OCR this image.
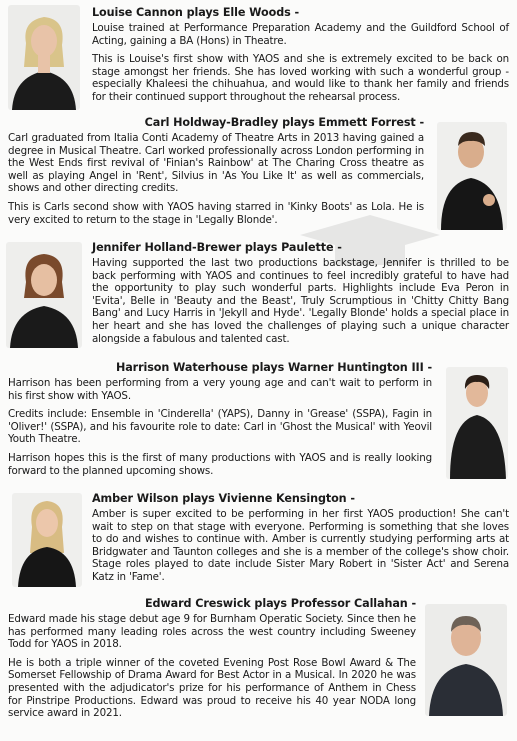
Louise Cannon plays Elle Woods -

Louise trained at Performance Preparation Academy and the Guildford School of Acting, gaining a BA (Hons) in Theatre.

This is Louise's first show with YAOS and she is extremely excited to be back on stage amongst her friends. She has loved working with such a wonderful group - especially Khaleesi the chihuahua, and would like to thank her family and friends for their continued support throughout the rehearsal process.

Carl Holdway-Bradley plays Emmett Forrest -

Carl graduated from Italia Conti Academy of Theatre Arts in 2013 having gained a degree in Musical Theatre. Carl worked professionally across London performing in the West Ends first revival of 'Finian's Rainbow' at The Charing Cross theatre as well as playing Angel in 'Rent', Silvius in 'As You Like It' as well as commercials, shows and other directing credits.

This is Carls second show with YAOS having starred in 'Kinky Boots' as Lola. He is very excited to return to the stage in 'Legally Blonde'.

Jennifer Holland-Brewer plays Paulette -

Having supported the last two productions backstage, Jennifer is thrilled to be back performing with YAOS and continues to feel incredibly grateful to have had the opportunity to play such wonderful parts. Highlights include Eva Peron in 'Evita', Belle in 'Beauty and the Beast', Truly Scrumptious in 'Chitty Chitty Bang Bang' and Lucy Harris in 'Jekyll and Hyde'. 'Legally Blonde' holds a special place in her heart and she has loved the challenges of playing such a unique character alongside a fabulous and talented cast.

Harrison Waterhouse plays Warner Huntington III -

Harrison has been performing from a very young age and can't wait to perform in his first show with YAOS.

Credits include: Ensemble in 'Cinderella' (YAPS), Danny in 'Grease' (SSPA), Fagin in 'Oliver!' (SSPA), and his favourite role to date: Carl in 'Ghost the Musical' with Yeovil Youth Theatre.

Harrison hopes this is the first of many productions with YAOS and is really looking forward to the planned upcoming shows.

Amber Wilson plays Vivienne Kensington -

Amber is super excited to be performing in her first YAOS production! She can't wait to step on that stage with everyone. Performing is something that she loves to do and wishes to continue with. Amber is currently studying performing arts at Bridgwater and Taunton colleges and she is a member of the college's show choir. Stage roles played to date include Sister Mary Robert in 'Sister Act' and Serena Katz in 'Fame'.

Edward Creswick plays Professor Callahan -

Edward made his stage debut age 9 for Burnham Operatic Society. Since then he has performed many leading roles across the west country including Sweeney Todd for YAOS in 2018.

He is both a triple winner of the coveted Evening Post Rose Bowl Award & The Somerset Fellowship of Drama Award for Best Actor in a Musical. In 2020 he was presented with the adjudicator's prize for his performance of Anthem in Chess for Pinstripe Productions. Edward was proud to receive his 40 year NODA long service award in 2021.
